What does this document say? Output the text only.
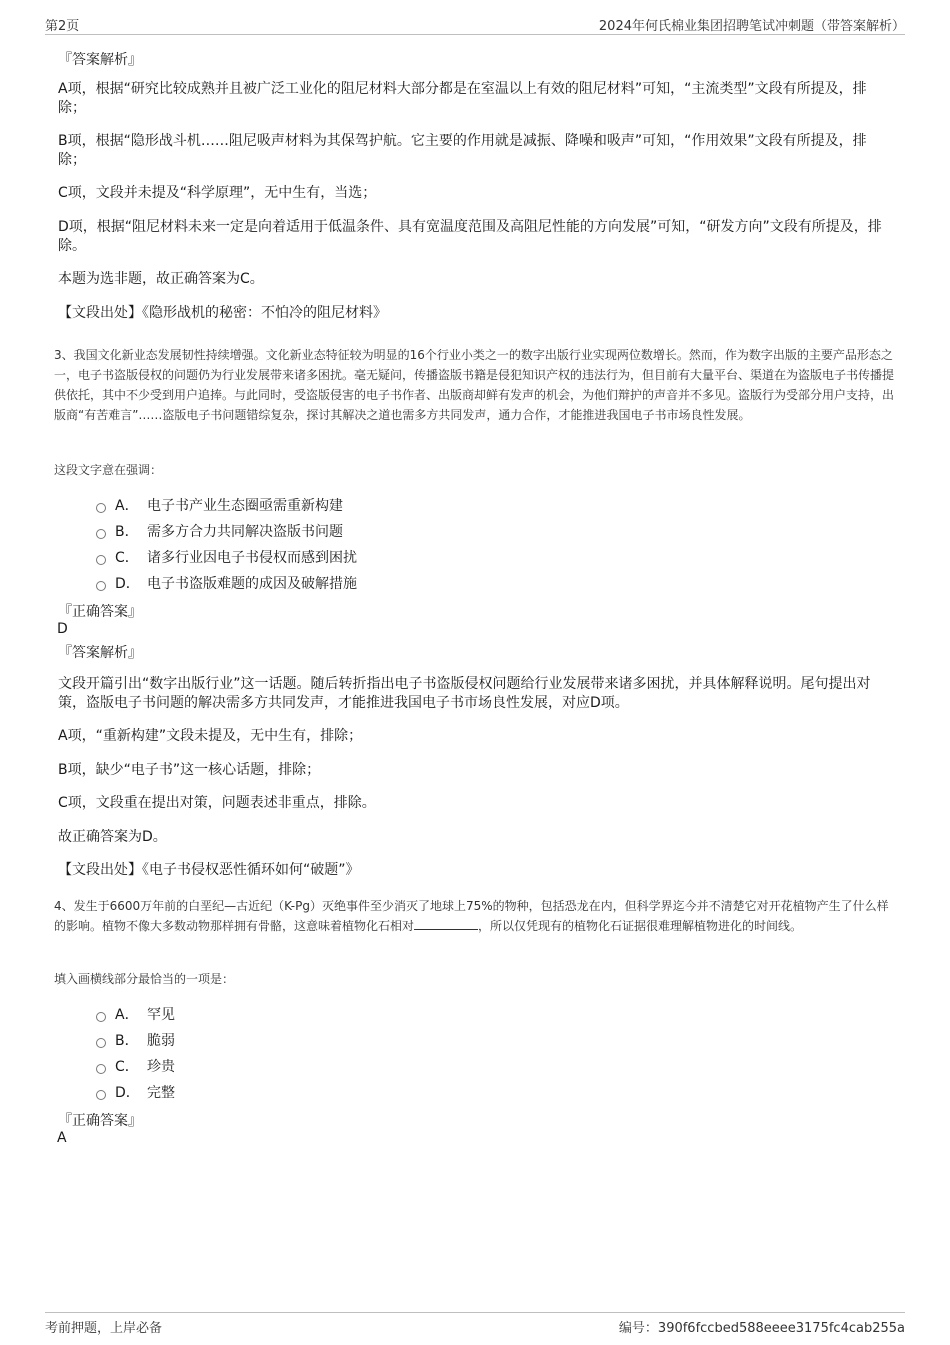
第2页	2024年何氏棉业集团招聘笔试冲刺题（带答案解析）
『答案解析』
A项，根据“研究比较成熟并且被广泛工业化的阻尼材料大部分都是在室温以上有效的阻尼材料”可知，“主流类型”文段有所提及，排除；
B项，根据“隐形战斗机……阻尼吸声材料为其保驾护航。它主要的作用就是减振、降噪和吸声”可知，“作用效果”文段有所提及，排除；
C项，文段并未提及“科学原理”，无中生有，当选；
D项，根据“阻尼材料未来一定是向着适用于低温条件、具有宽温度范围及高阻尼性能的方向发展”可知，“研发方向”文段有所提及，排除。
本题为选非题，故正确答案为C。
【文段出处】《隐形战机的秘密：不怕冷的阻尼材料》
3、我国文化新业态发展韧性持续增强。文化新业态特征较为明显的16个行业小类之一的数字出版行业实现两位数增长。然而，作为数字出版的主要产品形态之一，电子书盗版侵权的问题仍为行业发展带来诸多困扰。毫无疑问，传播盗版书籍是侵犯知识产权的违法行为，但目前有大量平台、渠道在为盗版电子书传播提供依托，其中不少受到用户追捧。与此同时，受盗版侵害的电子书作者、出版商却鲜有发声的机会，为他们辩护的声音并不多见。盗版行为受部分用户支持，出版商“有苦难言”……盗版电子书问题错综复杂，探讨其解决之道也需多方共同发声，通力合作，才能推进我国电子书市场良性发展。
这段文字意在强调：
A． 电子书产业生态圈亟需重新构建
B． 需多方合力共同解决盗版书问题
C． 诸多行业因电子书侵权而感到困扰
D． 电子书盗版难题的成因及破解措施
『正确答案』
D
『答案解析』
文段开篇引出“数字出版行业”这一话题。随后转折指出电子书盗版侵权问题给行业发展带来诸多困扰，并具体解释说明。尾句提出对策，盗版电子书问题的解决需多方共同发声，才能推进我国电子书市场良性发展，对应D项。
A项，“重新构建”文段未提及，无中生有，排除；
B项，缺少“电子书”这一核心话题，排除；
C项，文段重在提出对策，问题表述非重点，排除。
故正确答案为D。
【文段出处】《电子书侵权恶性循环如何“破题”》
4、发生于6600万年前的白垩纪—古近纪（K-Pg）灭绝事件至少消灭了地球上75%的物种，包括恐龙在内，但科学界迄今并不清楚它对开花植物产生了什么样的影响。植物不像大多数动物那样拥有骨骼，这意味着植物化石相对	，所以仅凭现有的植物化石证据很难理解植物进化的时间线。
填入画横线部分最恰当的一项是：
A． 罕见
B． 脆弱
C． 珍贵
D． 完整
『正确答案』
A
考前押题，上岸必备	编号：390f6fccbed588eeee3175fc4cab255a
